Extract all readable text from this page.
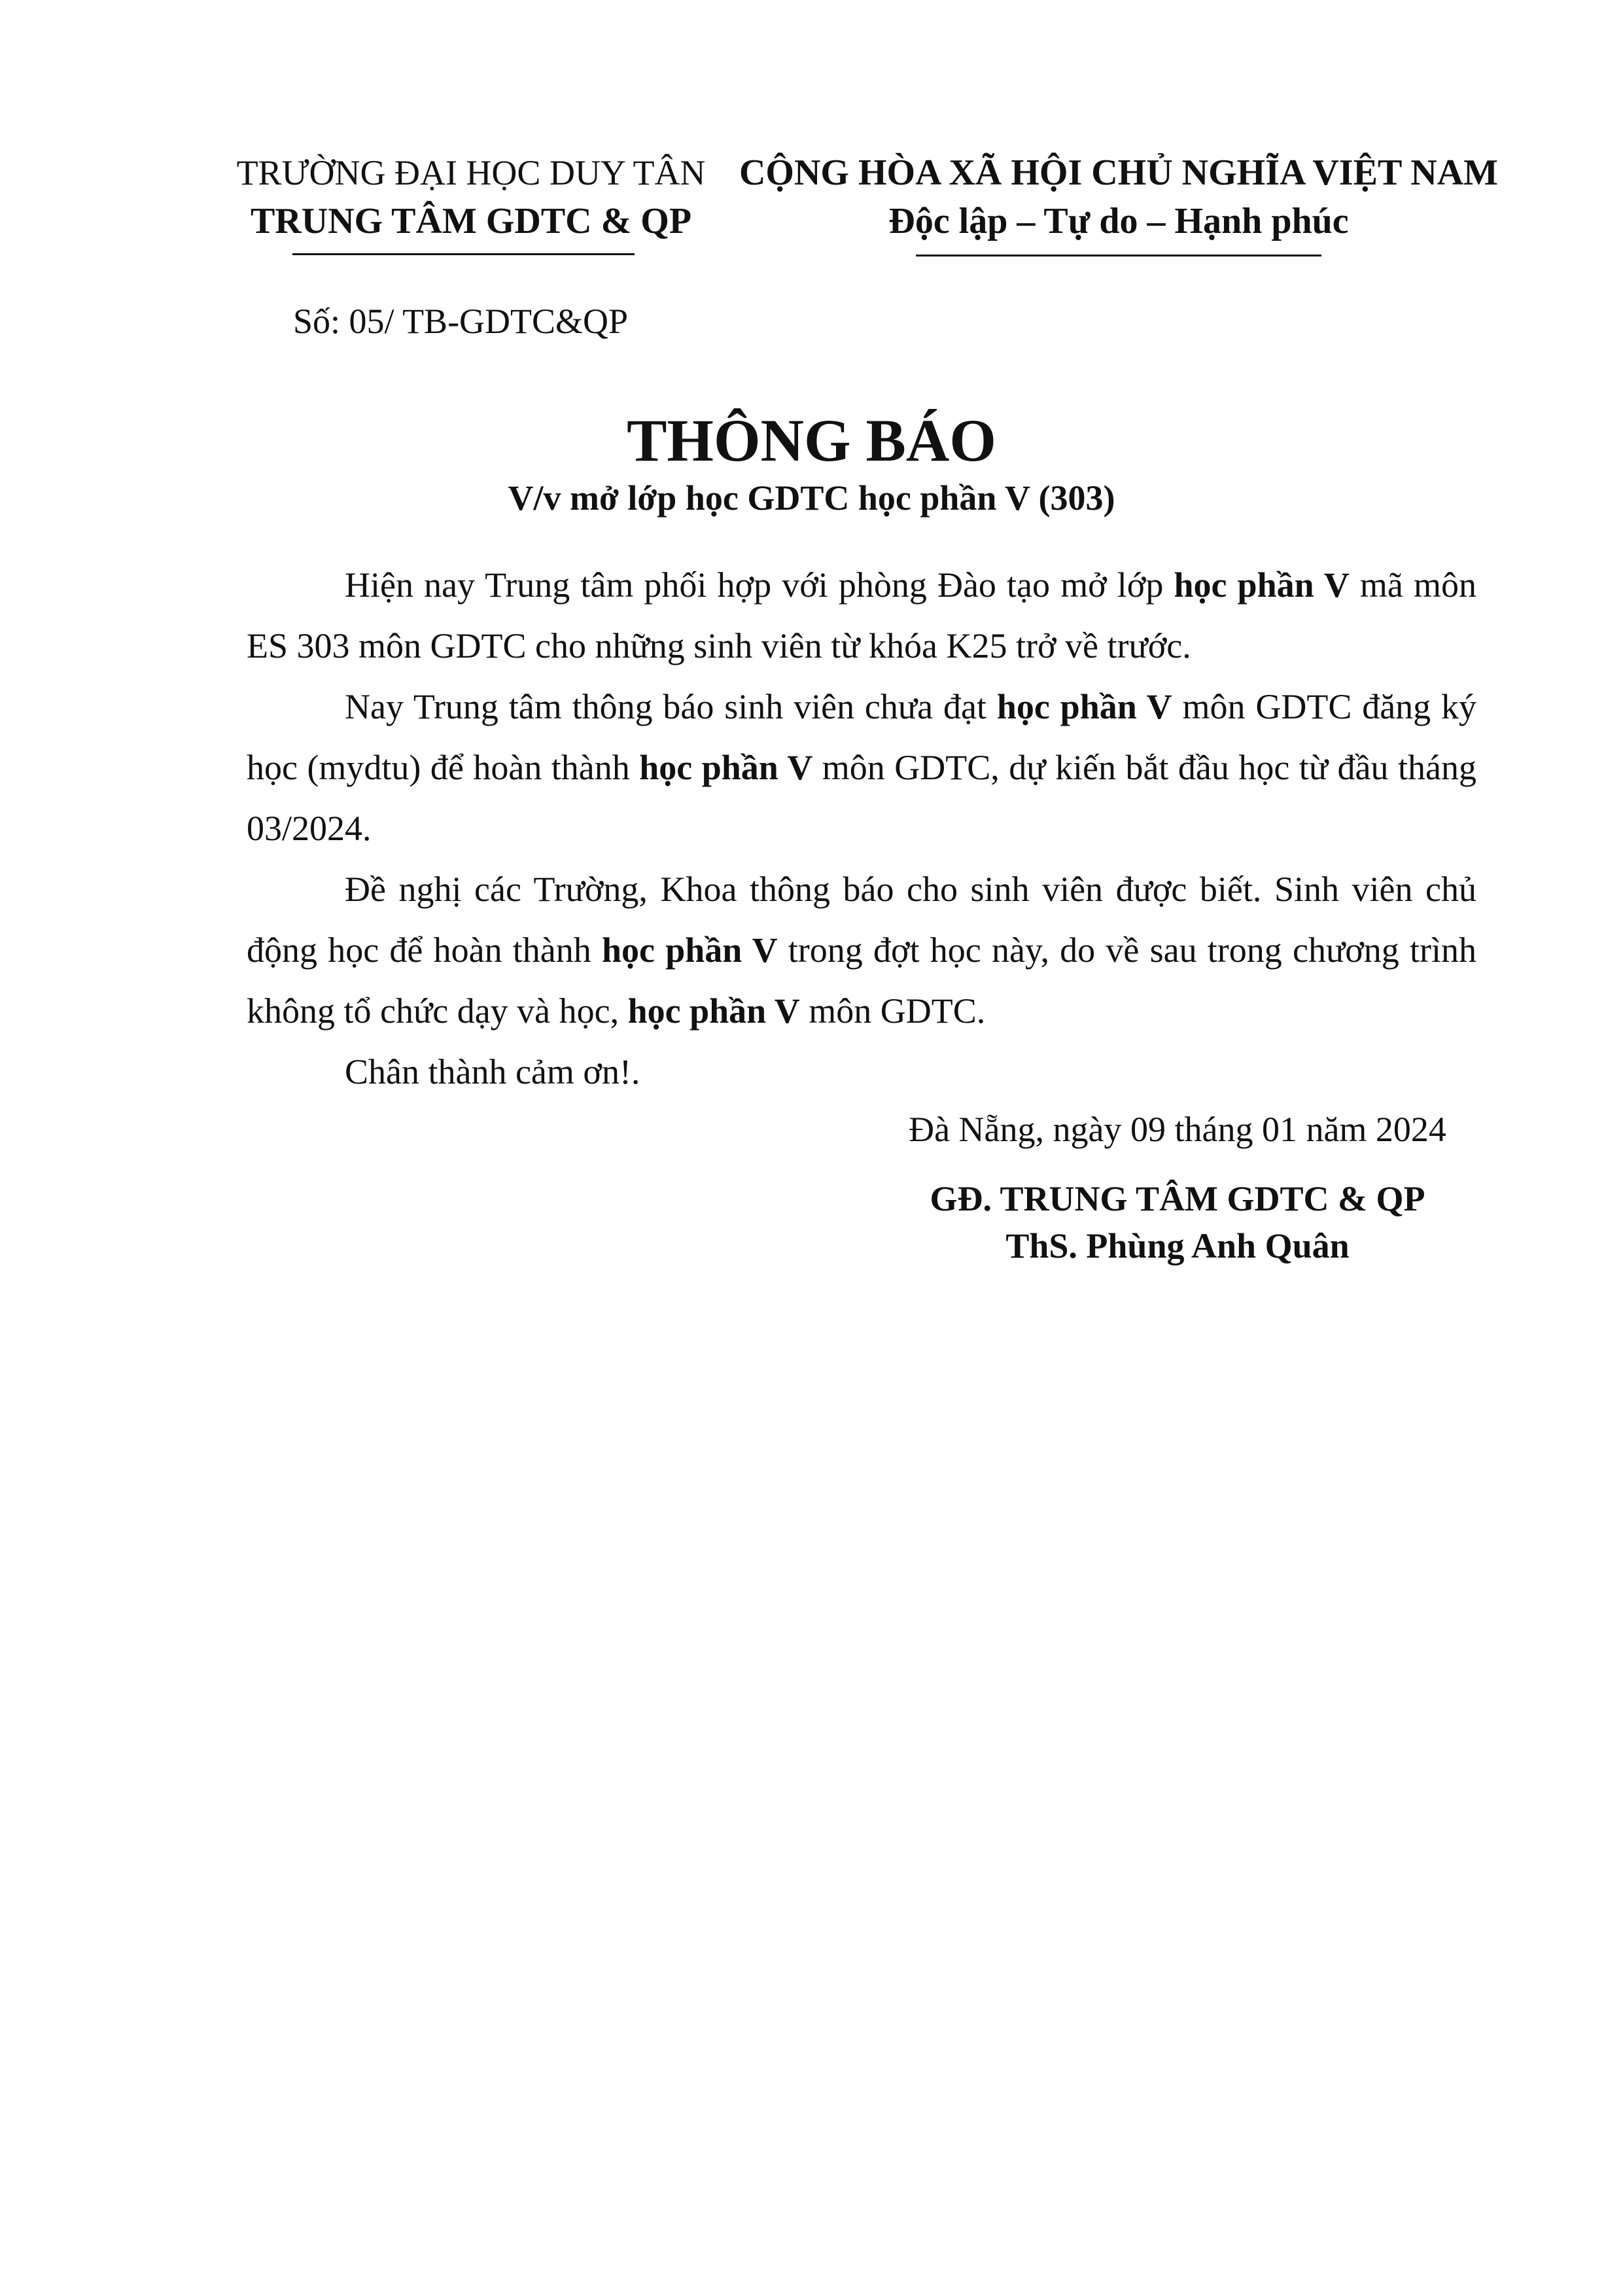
TRƯỜNG ĐẠI HỌC DUY TÂN
TRUNG TÂM GDTC & QP
CỘNG HÒA XÃ HỘI CHỦ NGHĨA VIỆT NAM
Độc lập – Tự do – Hạnh phúc
Số: 05/ TB-GDTC&QP
THÔNG BÁO
V/v mở lớp học GDTC học phần V (303)

Hiện nay Trung tâm phối hợp với phòng Đào tạo mở lớp học phần V mã môn ES 303 môn GDTC cho những sinh viên từ khóa K25 trở về trước.

Nay Trung tâm thông báo sinh viên chưa đạt học phần V môn GDTC đăng ký học (mydtu) để hoàn thành học phần V môn GDTC, dự kiến bắt đầu học từ đầu tháng 03/2024.

Đề nghị các Trường, Khoa thông báo cho sinh viên được biết. Sinh viên chủ động học để hoàn thành học phần V trong đợt học này, do về sau trong chương trình không tổ chức dạy và học, học phần V môn GDTC.

Chân thành cảm ơn!.

Đà Nẵng, ngày 09 tháng 01 năm 2024
GĐ. TRUNG TÂM GDTC & QP
ThS. Phùng Anh Quân
